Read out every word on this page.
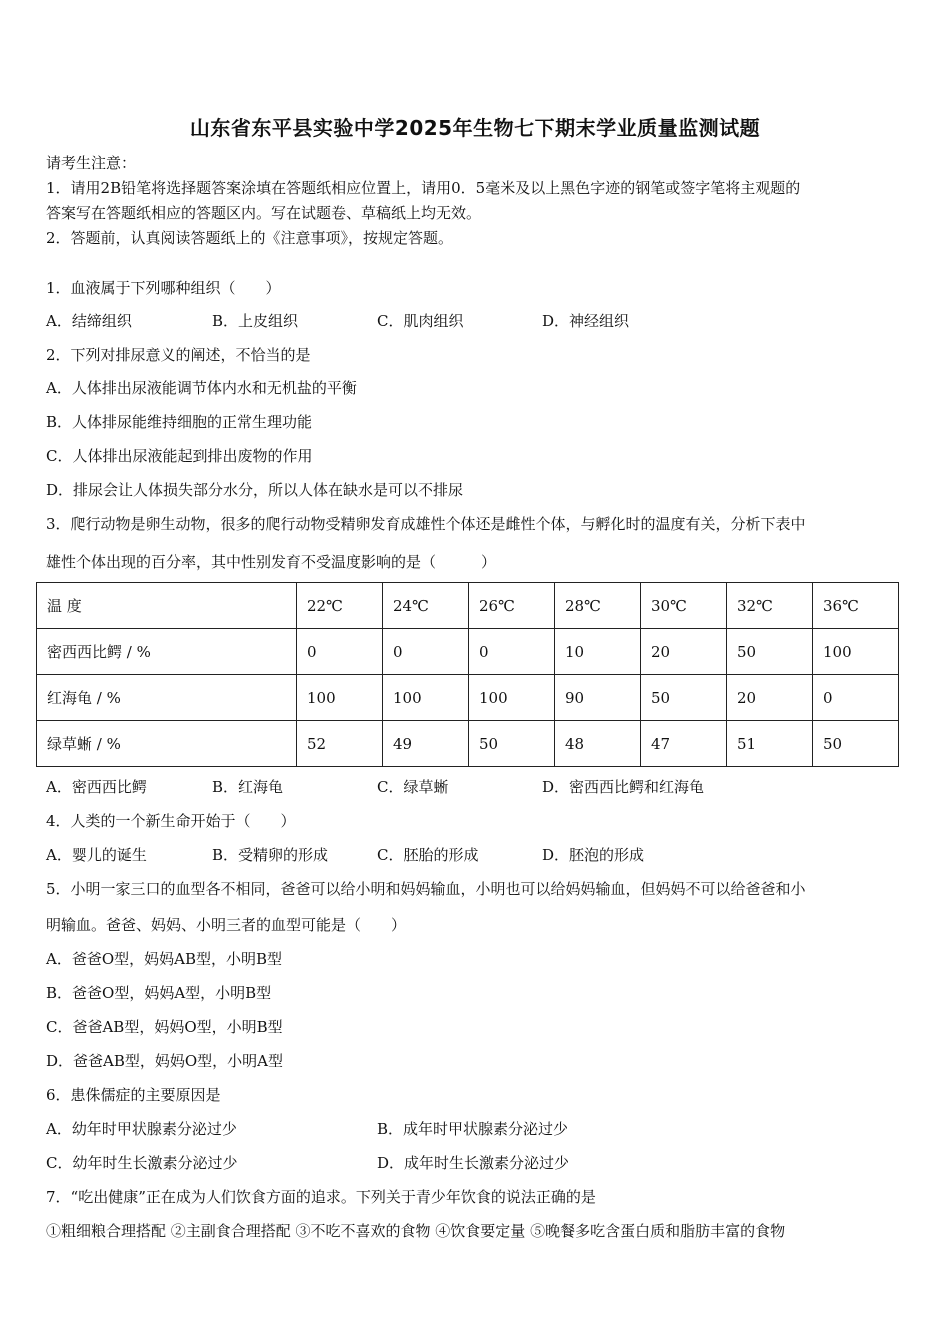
山东省东平县实验中学2025年生物七下期末学业质量监测试题
请考生注意：
1．请用2B铅笔将选择题答案涂填在答题纸相应位置上，请用0．5毫米及以上黑色字迹的钢笔或签字笔将主观题的
答案写在答题纸相应的答题区内。写在试题卷、草稿纸上均无效。
2．答题前，认真阅读答题纸上的《注意事项》，按规定答题。
1．血液属于下列哪种组织（　　）
A．结缔组织	B．上皮组织	C．肌肉组织	D．神经组织
2．下列对排尿意义的阐述，不恰当的是
A．人体排出尿液能调节体内水和无机盐的平衡
B．人体排尿能维持细胞的正常生理功能
C．人体排出尿液能起到排出废物的作用
D．排尿会让人体损失部分水分，所以人体在缺水是可以不排尿
3．爬行动物是卵生动物，很多的爬行动物受精卵发育成雄性个体还是雌性个体，与孵化时的温度有关，分析下表中
雄性个体出现的百分率，其中性别发育不受温度影响的是（　　　）
温 度	22℃	24℃	26℃	28℃	30℃	32℃	36℃
密西西比鳄 / %	0	0	0	10	20	50	100
红海龟 / %	100	100	100	90	50	20	0
绿草蜥 / %	52	49	50	48	47	51	50
A．密西西比鳄	B．红海龟	C．绿草蜥	D．密西西比鳄和红海龟
4．人类的一个新生命开始于（　　）
A．婴儿的诞生	B．受精卵的形成	C．胚胎的形成	D．胚泡的形成
5．小明一家三口的血型各不相同，爸爸可以给小明和妈妈输血，小明也可以给妈妈输血，但妈妈不可以给爸爸和小
明输血。爸爸、妈妈、小明三者的血型可能是（　　）
A．爸爸O型，妈妈AB型，小明B型
B．爸爸O型，妈妈A型，小明B型
C．爸爸AB型，妈妈O型，小明B型
D．爸爸AB型，妈妈O型，小明A型
6．患侏儒症的主要原因是
A．幼年时甲状腺素分泌过少	B．成年时甲状腺素分泌过少
C．幼年时生长激素分泌过少	D．成年时生长激素分泌过少
7．“吃出健康”正在成为人们饮食方面的追求。下列关于青少年饮食的说法正确的是
①粗细粮合理搭配 ②主副食合理搭配 ③不吃不喜欢的食物 ④饮食要定量 ⑤晚餐多吃含蛋白质和脂肪丰富的食物
